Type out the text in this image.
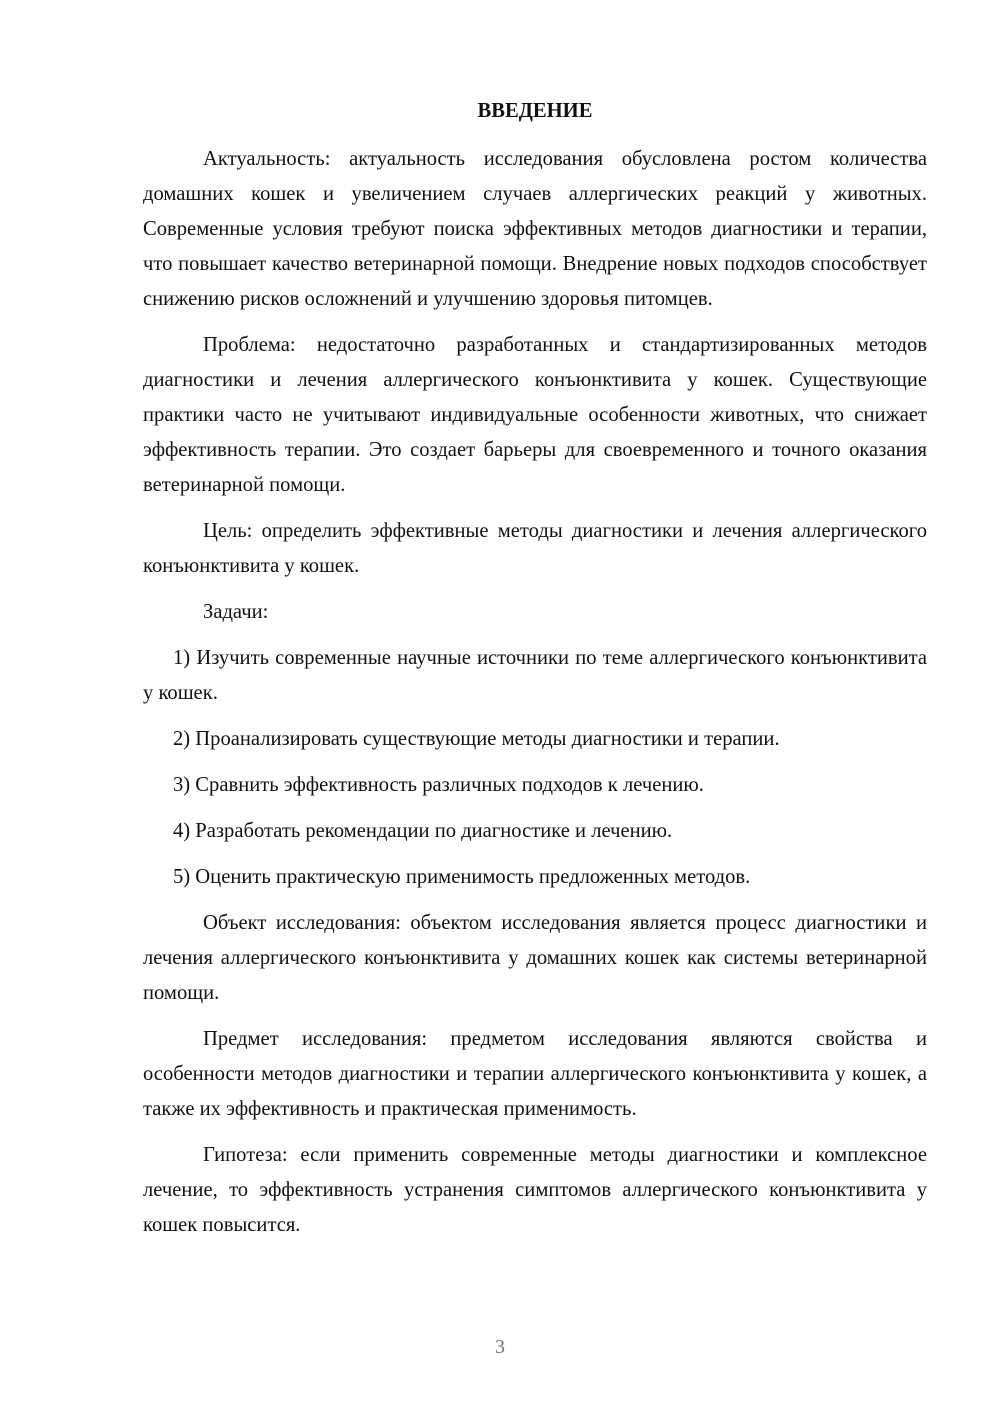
ВВЕДЕНИЕ

Актуальность: актуальность исследования обусловлена ростом количества домашних кошек и увеличением случаев аллергических реакций у животных. Современные условия требуют поиска эффективных методов диагностики и терапии, что повышает качество ветеринарной помощи. Внедрение новых подходов способствует снижению рисков осложнений и улучшению здоровья питомцев.

Проблема: недостаточно разработанных и стандартизированных методов диагностики и лечения аллергического конъюнктивита у кошек. Существующие практики часто не учитывают индивидуальные особенности животных, что снижает эффективность терапии. Это создает барьеры для своевременного и точного оказания ветеринарной помощи.

Цель: определить эффективные методы диагностики и лечения аллергического конъюнктивита у кошек.

Задачи:

1) Изучить современные научные источники по теме аллергического конъюнктивита у кошек.

2) Проанализировать существующие методы диагностики и терапии.

3) Сравнить эффективность различных подходов к лечению.

4) Разработать рекомендации по диагностике и лечению.

5) Оценить практическую применимость предложенных методов.

Объект исследования: объектом исследования является процесс диагностики и лечения аллергического конъюнктивита у домашних кошек как системы ветеринарной помощи.

Предмет исследования: предметом исследования являются свойства и особенности методов диагностики и терапии аллергического конъюнктивита у кошек, а также их эффективность и практическая применимость.

Гипотеза: если применить современные методы диагностики и комплексное лечение, то эффективность устранения симптомов аллергического конъюнктивита у кошек повысится.

3
